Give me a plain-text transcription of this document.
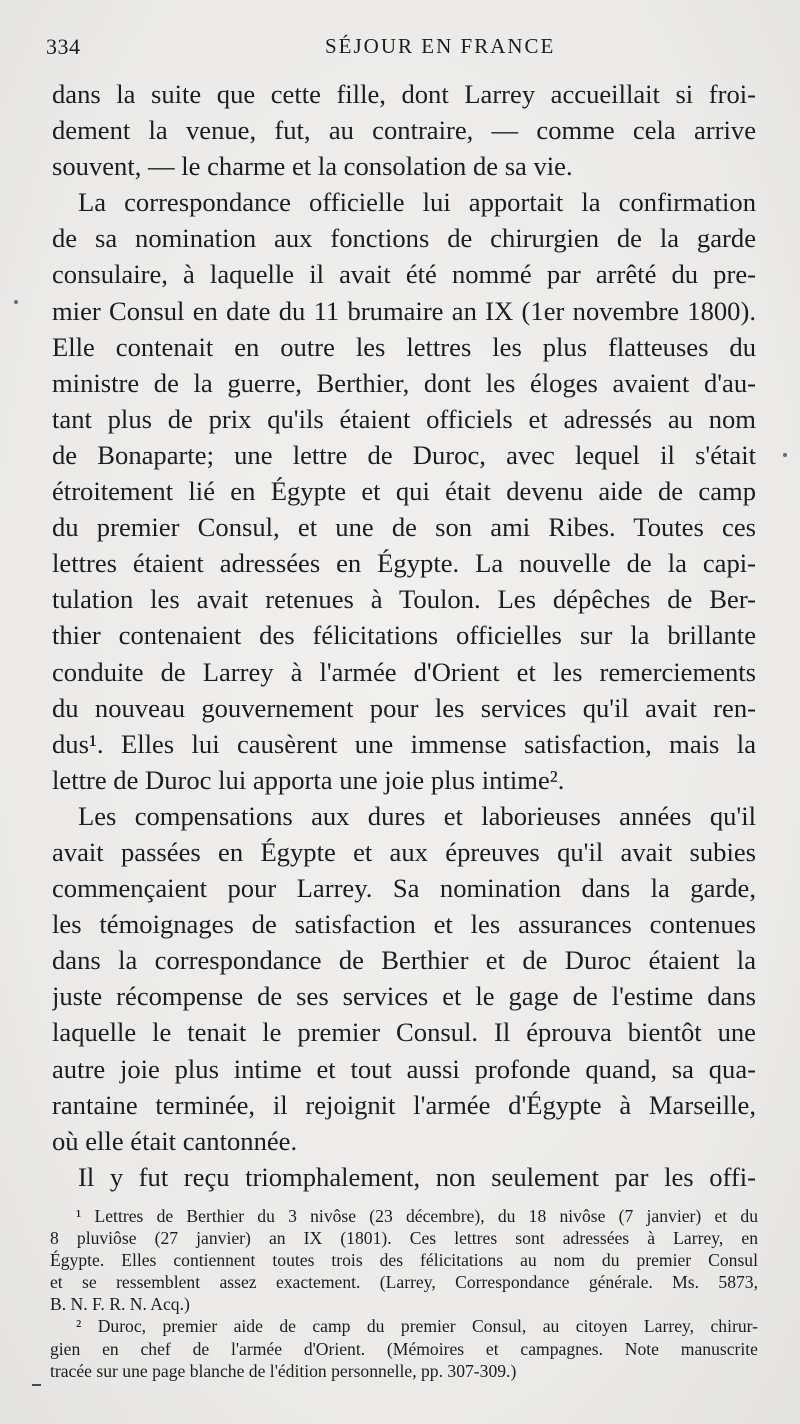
334	SÉJOUR EN FRANCE
dans la suite que cette fille, dont Larrey accueillait si froi-
dement la venue, fut, au contraire, — comme cela arrive
souvent, — le charme et la consolation de sa vie.
La correspondance officielle lui apportait la confirmation
de sa nomination aux fonctions de chirurgien de la garde
consulaire, à laquelle il avait été nommé par arrêté du pre-
mier Consul en date du 11 brumaire an IX (1er novembre 1800).
Elle contenait en outre les lettres les plus flatteuses du
ministre de la guerre, Berthier, dont les éloges avaient d'au-
tant plus de prix qu'ils étaient officiels et adressés au nom
de Bonaparte; une lettre de Duroc, avec lequel il s'était
étroitement lié en Égypte et qui était devenu aide de camp
du premier Consul, et une de son ami Ribes. Toutes ces
lettres étaient adressées en Égypte. La nouvelle de la capi-
tulation les avait retenues à Toulon. Les dépêches de Ber-
thier contenaient des félicitations officielles sur la brillante
conduite de Larrey à l'armée d'Orient et les remerciements
du nouveau gouvernement pour les services qu'il avait ren-
dus¹. Elles lui causèrent une immense satisfaction, mais la
lettre de Duroc lui apporta une joie plus intime².
Les compensations aux dures et laborieuses années qu'il
avait passées en Égypte et aux épreuves qu'il avait subies
commençaient pour Larrey. Sa nomination dans la garde,
les témoignages de satisfaction et les assurances contenues
dans la correspondance de Berthier et de Duroc étaient la
juste récompense de ses services et le gage de l'estime dans
laquelle le tenait le premier Consul. Il éprouva bientôt une
autre joie plus intime et tout aussi profonde quand, sa qua-
rantaine terminée, il rejoignit l'armée d'Égypte à Marseille,
où elle était cantonnée.
Il y fut reçu triomphalement, non seulement par les offi-
¹ Lettres de Berthier du 3 nivôse (23 décembre), du 18 nivôse (7 janvier) et du
8 pluviôse (27 janvier) an IX (1801). Ces lettres sont adressées à Larrey, en
Égypte. Elles contiennent toutes trois des félicitations au nom du premier Consul
et se ressemblent assez exactement. (Larrey, Correspondance générale. Ms. 5873,
B. N. F. R. N. Acq.)
² Duroc, premier aide de camp du premier Consul, au citoyen Larrey, chirur-
gien en chef de l'armée d'Orient. (Mémoires et campagnes. Note manuscrite
tracée sur une page blanche de l'édition personnelle, pp. 307-309.)
